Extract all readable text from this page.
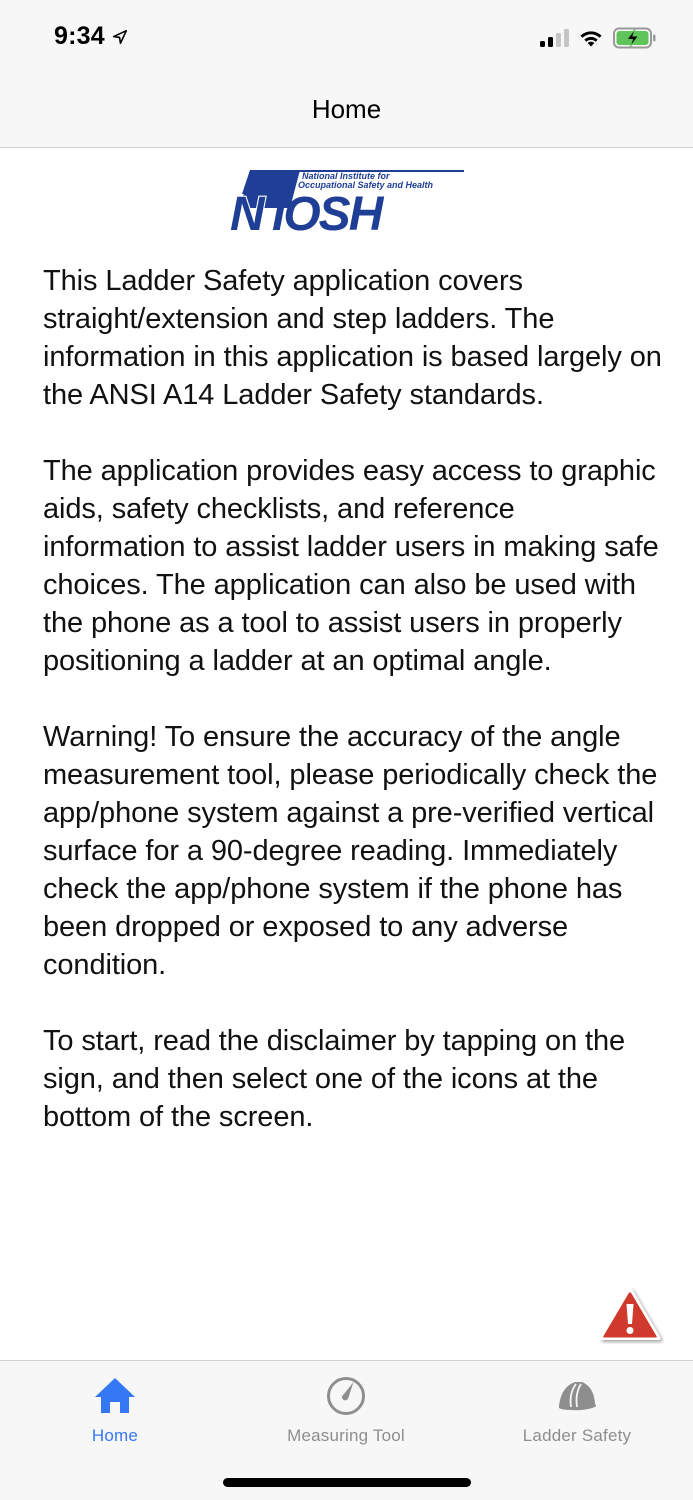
9:34
Home
National Institute for
Occupational Safety and Health
N IOSH

This Ladder Safety application covers straight/extension and step ladders. The information in this application is based largely on the ANSI A14 Ladder Safety standards.

The application provides easy access to graphic aids, safety checklists, and reference information to assist ladder users in making safe choices. The application can also be used with the phone as a tool to assist users in properly positioning a ladder at an optimal angle.

Warning! To ensure the accuracy of the angle measurement tool, please periodically check the app/phone system against a pre-verified vertical surface for a 90-degree reading. Immediately check the app/phone system if the phone has been dropped or exposed to any adverse condition.

To start, read the disclaimer by tapping on the sign, and then select one of the icons at the bottom of the screen.

Home	Measuring Tool	Ladder Safety
